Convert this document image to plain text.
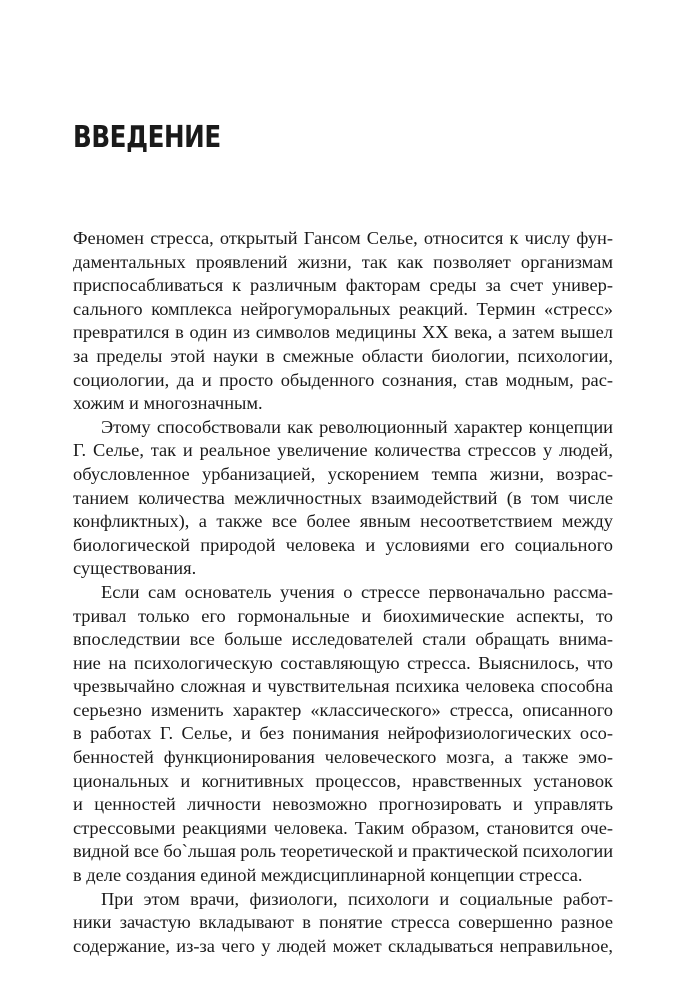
ВВЕДЕНИЕ
Феномен стресса, открытый Гансом Селье, относится к числу фун-
даментальных проявлений жизни, так как позволяет организмам
приспосабливаться к различным факторам среды за счет универ-
сального комплекса нейрогуморальных реакций. Термин «стресс»
превратился в один из символов медицины XX века, а затем вышел
за пределы этой науки в смежные области биологии, психологии,
социологии, да и просто обыденного сознания, став модным, рас-
хожим и многозначным.
Этому способствовали как революционный характер концепции
Г. Селье, так и реальное увеличение количества стрессов у людей,
обусловленное урбанизацией, ускорением темпа жизни, возрас-
танием количества межличностных взаимодействий (в том числе
конфликтных), а также все более явным несоответствием между
биологической природой человека и условиями его социального
существования.
Если сам основатель учения о стрессе первоначально рассма-
тривал только его гормональные и биохимические аспекты, то
впоследствии все больше исследователей стали обращать внима-
ние на психологическую составляющую стресса. Выяснилось, что
чрезвычайно сложная и чувствительная психика человека способна
серьезно изменить характер «классического» стресса, описанного
в работах Г. Селье, и без понимания нейрофизиологических осо-
бенностей функционирования человеческого мозга, а также эмо-
циональных и когнитивных процессов, нравственных установок
и ценностей личности невозможно прогнозировать и управлять
стрессовыми реакциями человека. Таким образом, становится оче-
видной все бо`льшая роль теоретической и практической психологии
в деле создания единой междисциплинарной концепции стресса.
При этом врачи, физиологи, психологи и социальные работ-
ники зачастую вкладывают в понятие стресса совершенно разное
содержание, из-за чего у людей может складываться неправильное,
